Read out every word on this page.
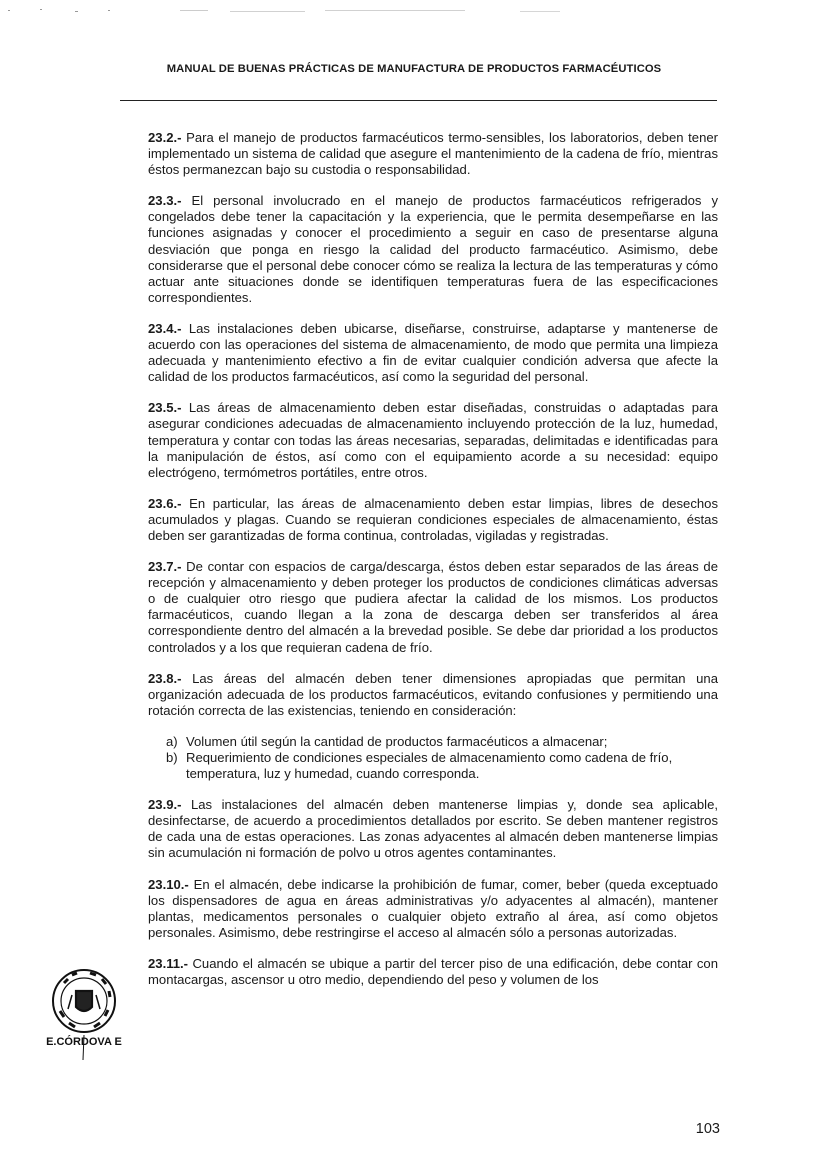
MANUAL DE BUENAS PRÁCTICAS DE MANUFACTURA DE PRODUCTOS FARMACÉUTICOS

23.2.- Para el manejo de productos farmacéuticos termo-sensibles, los laboratorios, deben tener implementado un sistema de calidad que asegure el mantenimiento de la cadena de frío, mientras éstos permanezcan bajo su custodia o responsabilidad.

23.3.- El personal involucrado en el manejo de productos farmacéuticos refrigerados y congelados debe tener la capacitación y la experiencia, que le permita desempeñarse en las funciones asignadas y conocer el procedimiento a seguir en caso de presentarse alguna desviación que ponga en riesgo la calidad del producto farmacéutico. Asimismo, debe considerarse que el personal debe conocer cómo se realiza la lectura de las temperaturas y cómo actuar ante situaciones donde se identifiquen temperaturas fuera de las especificaciones correspondientes.

23.4.- Las instalaciones deben ubicarse, diseñarse, construirse, adaptarse y mantenerse de acuerdo con las operaciones del sistema de almacenamiento, de modo que permita una limpieza adecuada y mantenimiento efectivo a fin de evitar cualquier condición adversa que afecte la calidad de los productos farmacéuticos, así como la seguridad del personal.

23.5.- Las áreas de almacenamiento deben estar diseñadas, construidas o adaptadas para asegurar condiciones adecuadas de almacenamiento incluyendo protección de la luz, humedad, temperatura y contar con todas las áreas necesarias, separadas, delimitadas e identificadas para la manipulación de éstos, así como con el equipamiento acorde a su necesidad: equipo electrógeno, termómetros portátiles, entre otros.

23.6.- En particular, las áreas de almacenamiento deben estar limpias, libres de desechos acumulados y plagas. Cuando se requieran condiciones especiales de almacenamiento, éstas deben ser garantizadas de forma continua, controladas, vigiladas y registradas.

23.7.- De contar con espacios de carga/descarga, éstos deben estar separados de las áreas de recepción y almacenamiento y deben proteger los productos de condiciones climáticas adversas o de cualquier otro riesgo que pudiera afectar la calidad de los mismos. Los productos farmacéuticos, cuando llegan a la zona de descarga deben ser transferidos al área correspondiente dentro del almacén a la brevedad posible. Se debe dar prioridad a los productos controlados y a los que requieran cadena de frío.

23.8.- Las áreas del almacén deben tener dimensiones apropiadas que permitan una organización adecuada de los productos farmacéuticos, evitando confusiones y permitiendo una rotación correcta de las existencias, teniendo en consideración:

a) Volumen útil según la cantidad de productos farmacéuticos a almacenar;
b) Requerimiento de condiciones especiales de almacenamiento como cadena de frío, temperatura, luz y humedad, cuando corresponda.

23.9.- Las instalaciones del almacén deben mantenerse limpias y, donde sea aplicable, desinfectarse, de acuerdo a procedimientos detallados por escrito. Se deben mantener registros de cada una de estas operaciones. Las zonas adyacentes al almacén deben mantenerse limpias sin acumulación ni formación de polvo u otros agentes contaminantes.

23.10.- En el almacén, debe indicarse la prohibición de fumar, comer, beber (queda exceptuado los dispensadores de agua en áreas administrativas y/o adyacentes al almacén), mantener plantas, medicamentos personales o cualquier objeto extraño al área, así como objetos personales. Asimismo, debe restringirse el acceso al almacén sólo a personas autorizadas.

23.11.- Cuando el almacén se ubique a partir del tercer piso de una edificación, debe contar con montacargas, ascensor u otro medio, dependiendo del peso y volumen de los

E.CÓRDOVA E
103
